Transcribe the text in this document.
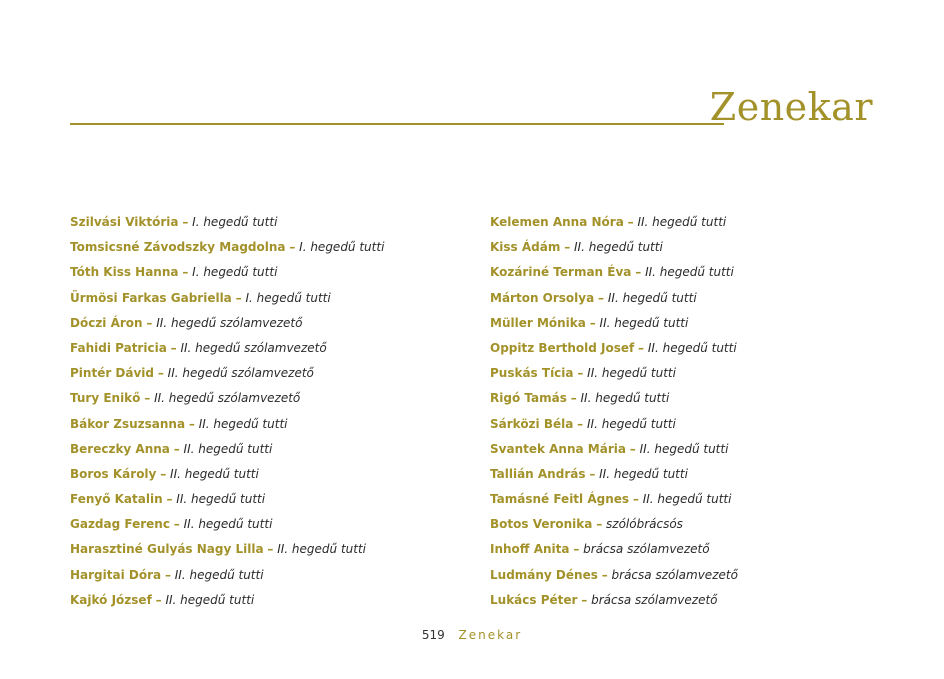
Zenekar
Szilvási Viktória – I. hegedű tutti
Tomsicsné Závodszky Magdolna – I. hegedű tutti
Tóth Kiss Hanna – I. hegedű tutti
Ürmösi Farkas Gabriella – I. hegedű tutti
Dóczi Áron – II. hegedű szólamvezető
Fahidi Patricia – II. hegedű szólamvezető
Pintér Dávid – II. hegedű szólamvezető
Tury Enikő – II. hegedű szólamvezető
Bákor Zsuzsanna – II. hegedű tutti
Bereczky Anna – II. hegedű tutti
Boros Károly – II. hegedű tutti
Fenyő Katalin – II. hegedű tutti
Gazdag Ferenc – II. hegedű tutti
Harasztiné Gulyás Nagy Lilla – II. hegedű tutti
Hargitai Dóra – II. hegedű tutti
Kajkó József – II. hegedű tutti
Kelemen Anna Nóra – II. hegedű tutti
Kiss Ádám – II. hegedű tutti
Kozáriné Terman Éva – II. hegedű tutti
Márton Orsolya – II. hegedű tutti
Müller Mónika – II. hegedű tutti
Oppitz Berthold Josef – II. hegedű tutti
Puskás Tícia – II. hegedű tutti
Rigó Tamás – II. hegedű tutti
Sárközi Béla – II. hegedű tutti
Svantek Anna Mária – II. hegedű tutti
Tallián András – II. hegedű tutti
Tamásné Feitl Ágnes – II. hegedű tutti
Botos Veronika – szólóbrácsós
Inhoff Anita – brácsa szólamvezető
Ludmány Dénes – brácsa szólamvezető
Lukács Péter – brácsa szólamvezető
519 Zenekar
